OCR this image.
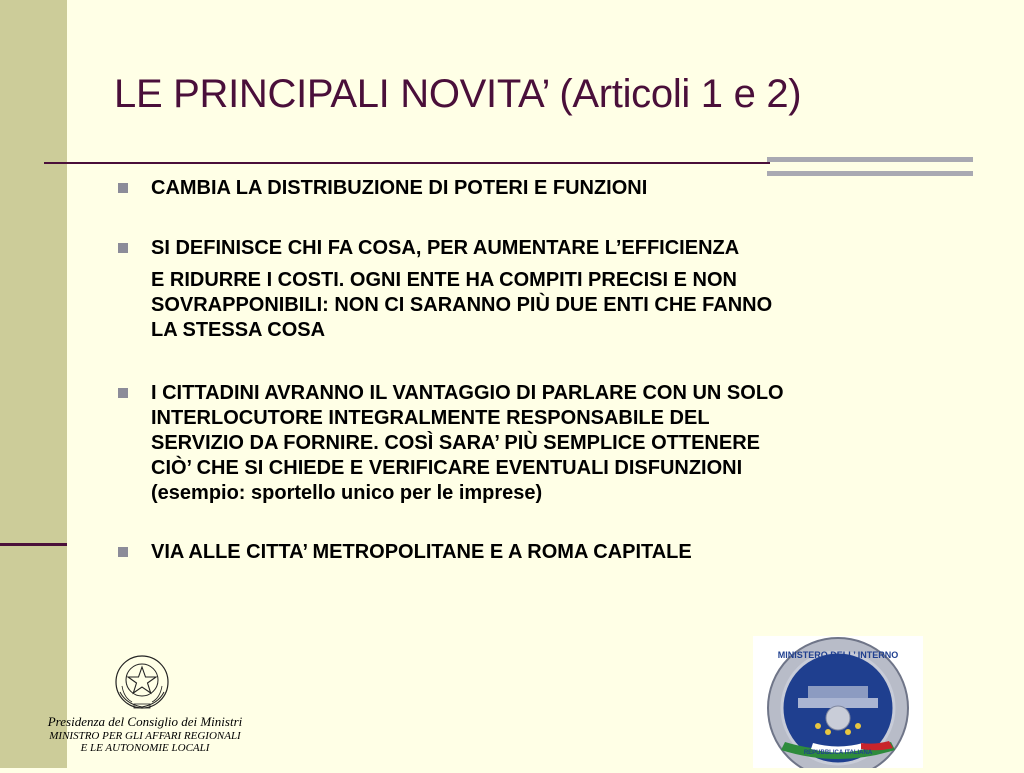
LE PRINCIPALI NOVITA’ (Articoli 1 e 2)
CAMBIA LA DISTRIBUZIONE DI POTERI E FUNZIONI
SI DEFINISCE CHI FA COSA, PER AUMENTARE L’EFFICIENZA
E RIDURRE I COSTI. OGNI ENTE HA COMPITI PRECISI E NON
SOVRAPPONIBILI: NON CI SARANNO PIÙ DUE ENTI CHE FANNO
LA STESSA COSA
I CITTADINI AVRANNO IL VANTAGGIO DI PARLARE CON UN SOLO
INTERLOCUTORE INTEGRALMENTE RESPONSABILE DEL
SERVIZIO DA FORNIRE. COSÌ SARA’ PIÙ SEMPLICE OTTENERE
CIÒ’ CHE SI CHIEDE E VERIFICARE EVENTUALI DISFUNZIONI
(esempio: sportello unico per le imprese)
VIA ALLE CITTA’ METROPOLITANE E A ROMA CAPITALE
Presidenza del Consiglio dei Ministri
MINISTRO PER GLI AFFARI REGIONALI
E LE AUTONOMIE LOCALI
MINISTERO DELL’ INTERNO
REPUBBLICA ITALIANA
